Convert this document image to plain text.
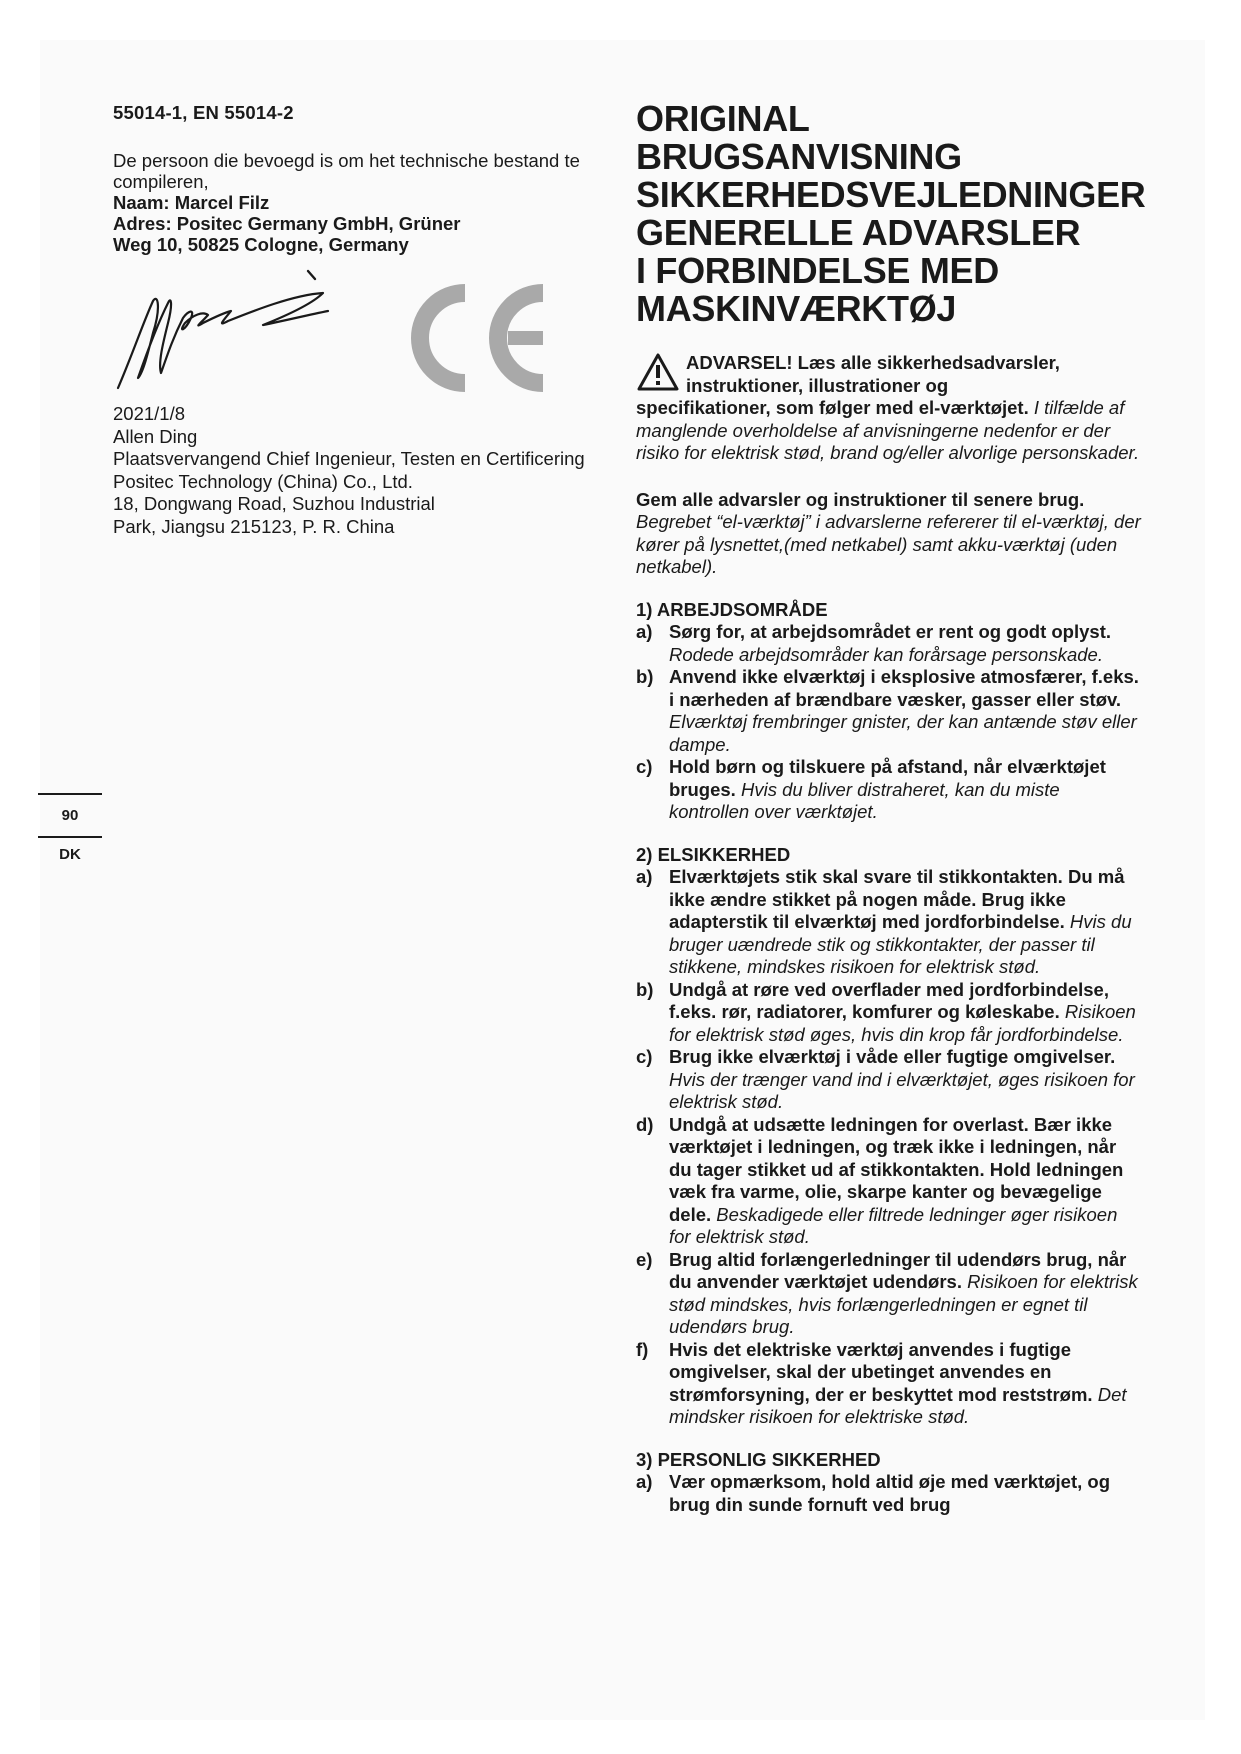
55014-1, EN 55014-2
De persoon die bevoegd is om het technische bestand te compileren,
Naam: Marcel Filz
Adres: Positec Germany GmbH, Grüner
Weg 10, 50825 Cologne, Germany
2021/1/8
Allen Ding
Plaatsvervangend Chief Ingenieur, Testen en Certificering
Positec Technology (China) Co., Ltd.
18, Dongwang Road, Suzhou Industrial
Park, Jiangsu 215123, P. R. China
90
DK
ORIGINAL BRUGSANVISNING
SIKKERHEDSVEJLEDNINGER
GENERELLE ADVARSLER
I FORBINDELSE MED
MASKINVÆRKTØJ
ADVARSEL! Læs alle sikkerhedsadvarsler,
instruktioner, illustrationer og
specifikationer, som følger med el-værktøjet. I tilfælde af manglende overholdelse af anvisningerne nedenfor er der risiko for elektrisk stød, brand og/eller alvorlige personskader.
Gem alle advarsler og instruktioner til senere brug.
Begrebet “el-værktøj” i advarslerne refererer til el-værktøj, der kører på lysnettet,(med netkabel) samt akku-værktøj (uden netkabel).
1) ARBEJDSOMRÅDE
a) Sørg for, at arbejdsområdet er rent og godt oplyst. Rodede arbejdsområder kan forårsage personskade.
b) Anvend ikke elværktøj i eksplosive atmosfærer, f.eks. i nærheden af brændbare væsker, gasser eller støv. Elværktøj frembringer gnister, der kan antænde støv eller dampe.
c) Hold børn og tilskuere på afstand, når elværktøjet bruges. Hvis du bliver distraheret, kan du miste kontrollen over værktøjet.
2) ELSIKKERHED
a) Elværktøjets stik skal svare til stikkontakten. Du må ikke ændre stikket på nogen måde. Brug ikke adapterstik til elværktøj med jordforbindelse. Hvis du bruger uændrede stik og stikkontakter, der passer til stikkene, mindskes risikoen for elektrisk stød.
b) Undgå at røre ved overflader med jordforbindelse, f.eks. rør, radiatorer, komfurer og køleskabe. Risikoen for elektrisk stød øges, hvis din krop får jordforbindelse.
c) Brug ikke elværktøj i våde eller fugtige omgivelser. Hvis der trænger vand ind i elværktøjet, øges risikoen for elektrisk stød.
d) Undgå at udsætte ledningen for overlast. Bær ikke værktøjet i ledningen, og træk ikke i ledningen, når du tager stikket ud af stikkontakten. Hold ledningen væk fra varme, olie, skarpe kanter og bevægelige dele. Beskadigede eller filtrede ledninger øger risikoen for elektrisk stød.
e) Brug altid forlængerledninger til udendørs brug, når du anvender værktøjet udendørs. Risikoen for elektrisk stød mindskes, hvis forlængerledningen er egnet til udendørs brug.
f) Hvis det elektriske værktøj anvendes i fugtige omgivelser, skal der ubetinget anvendes en strømforsyning, der er beskyttet mod reststrøm. Det mindsker risikoen for elektriske stød.
3) PERSONLIG SIKKERHED
a) Vær opmærksom, hold altid øje med værktøjet, og brug din sunde fornuft ved brug
